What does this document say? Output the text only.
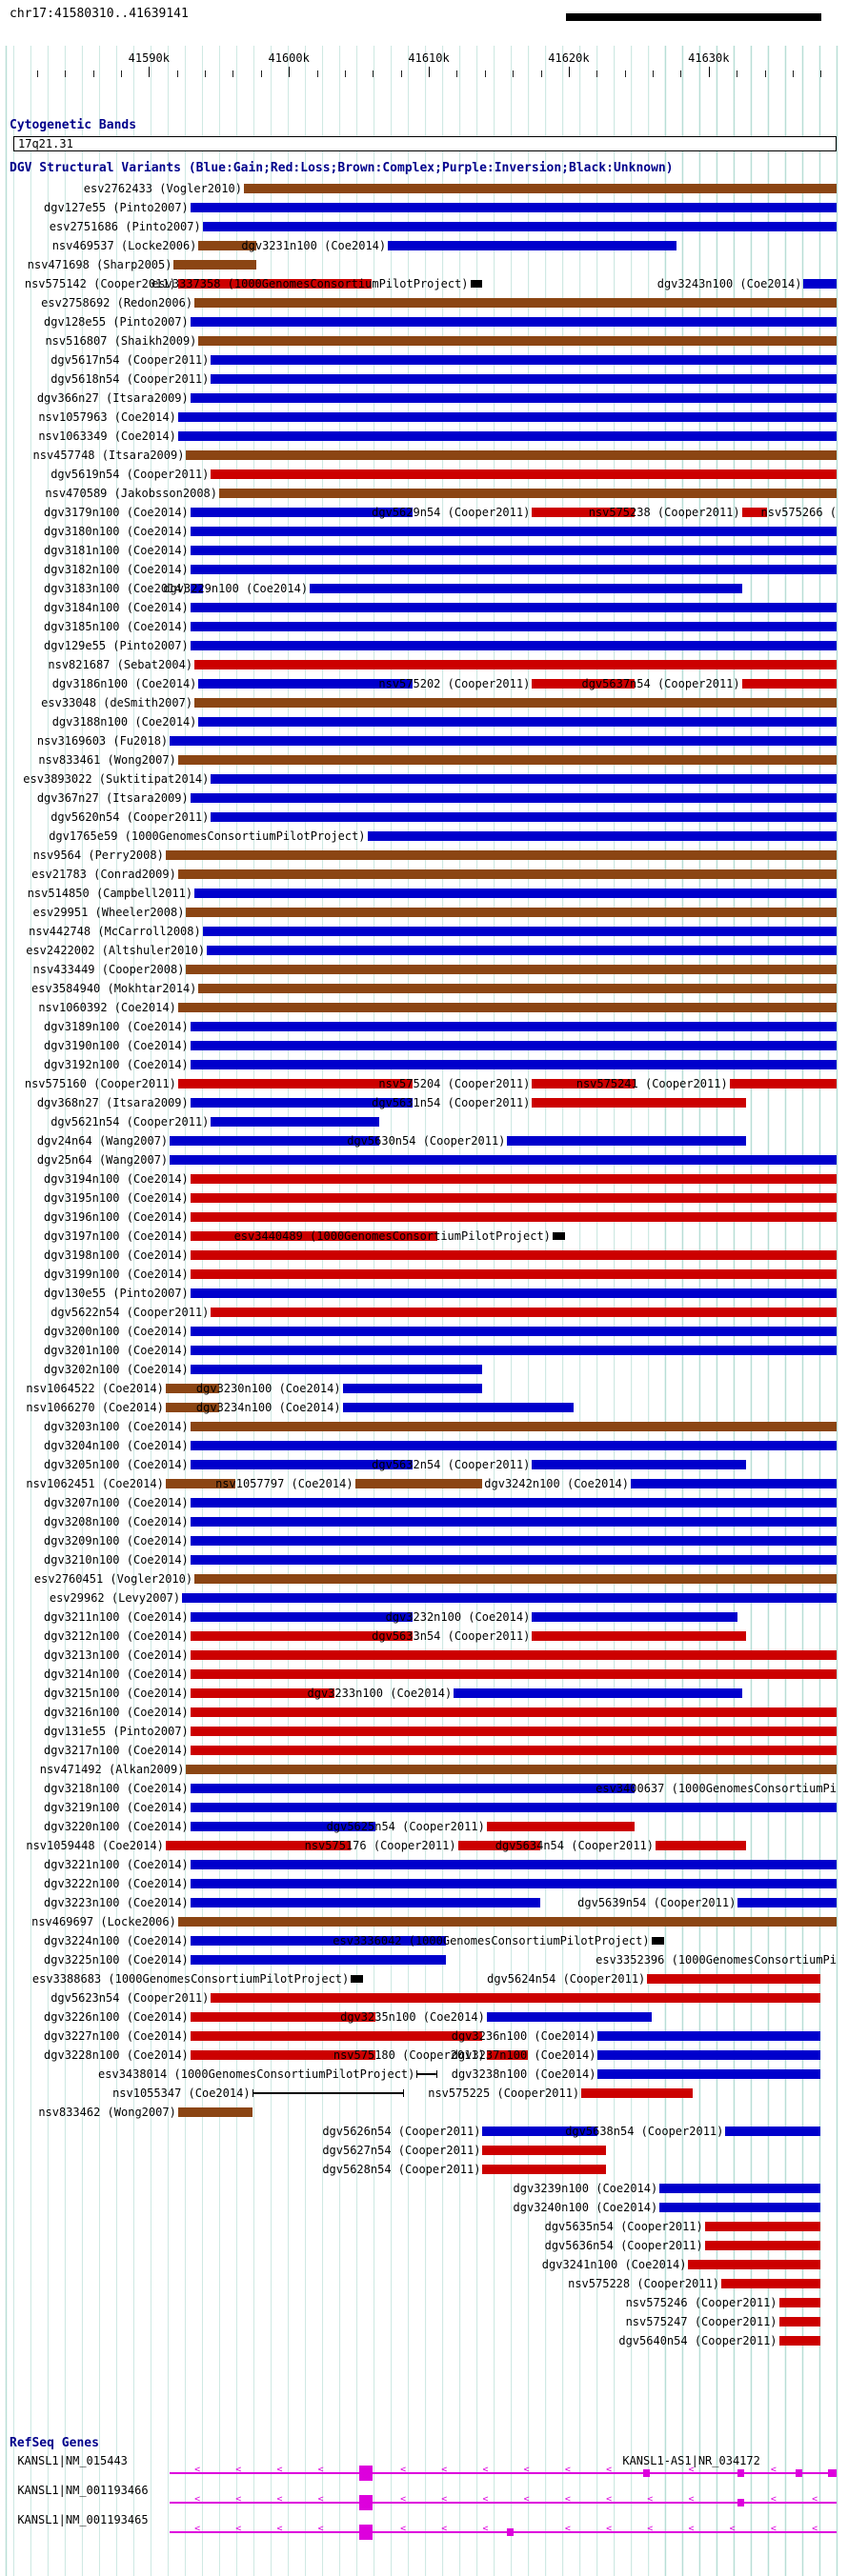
chr17:41580310..41639141
41590k	41600k	41610k	41620k	41630k
Cytogenetic Bands
17q21.31
DGV Structural Variants (Blue:Gain;Red:Loss;Brown:Complex;Purple:Inversion;Black:Unknown)
esv2762433 (Vogler2010)
dgv127e55 (Pinto2007)
esv2751686 (Pinto2007)
nsv469537 (Locke2006)	dgv3231n100 (Coe2014)
nsv471698 (Sharp2005)
nsv575142 (Cooper2011)
esv3337358 (1000GenomesConsortiumPilotProject)	dgv3243n100 (Coe2014)
esv2758692 (Redon2006)
dgv128e55 (Pinto2007)
nsv516807 (Shaikh2009)
dgv5617n54 (Cooper2011)
dgv5618n54 (Cooper2011)
dgv366n27 (Itsara2009)
nsv1057963 (Coe2014)
nsv1063349 (Coe2014)
nsv457748 (Itsara2009)
dgv5619n54 (Cooper2011)
nsv470589 (Jakobsson2008)
dgv3179n100 (Coe2014)	dgv5629n54 (Cooper2011)	nsv575238 (Cooper2011) nsv575266 (
dgv3180n100 (Coe2014)
dgv3181n100 (Coe2014)
dgv3182n100 (Coe2014)
dgv3183n100 (Coe2014)
dgv3229n100 (Coe2014)
dgv3184n100 (Coe2014)
dgv3185n100 (Coe2014)
dgv129e55 (Pinto2007)
nsv821687 (Sebat2004)
dgv3186n100 (Coe2014)	nsv575202 (Cooper2011)	dgv5637n54 (Cooper2011)
esv33048 (deSmith2007)
dgv3188n100 (Coe2014)
nsv3169603 (Fu2018)
nsv833461 (Wong2007)
esv3893022 (Suktitipat2014)
dgv367n27 (Itsara2009)
dgv5620n54 (Cooper2011)
dgv1765e59 (1000GenomesConsortiumPilotProject)
nsv9564 (Perry2008)
esv21783 (Conrad2009)
nsv514850 (Campbell2011)
esv29951 (Wheeler2008)
nsv442748 (McCarroll2008)
esv2422002 (Altshuler2010)
nsv433449 (Cooper2008)
esv3584940 (Mokhtar2014)
nsv1060392 (Coe2014)
dgv3189n100 (Coe2014)
dgv3190n100 (Coe2014)
dgv3192n100 (Coe2014)
nsv575160 (Cooper2011)	nsv575204 (Cooper2011)	nsv575241 (Cooper2011)
dgv368n27 (Itsara2009)	dgv5631n54 (Cooper2011)
dgv5621n54 (Cooper2011)
dgv24n64 (Wang2007)	dgv5630n54 (Cooper2011)
dgv25n64 (Wang2007)
dgv3194n100 (Coe2014)
dgv3195n100 (Coe2014)
dgv3196n100 (Coe2014)
dgv3197n100 (Coe2014)	esv3440489 (1000GenomesConsortiumPilotProject)
dgv3198n100 (Coe2014)
dgv3199n100 (Coe2014)
dgv130e55 (Pinto2007)
dgv5622n54 (Cooper2011)
dgv3200n100 (Coe2014)
dgv3201n100 (Coe2014)
dgv3202n100 (Coe2014)
nsv1064522 (Coe2014)	dgv3230n100 (Coe2014)
nsv1066270 (Coe2014)	dgv3234n100 (Coe2014)
dgv3203n100 (Coe2014)
dgv3204n100 (Coe2014)
dgv3205n100 (Coe2014)	dgv5632n54 (Cooper2011)
nsv1062451 (Coe2014)	nsv1057797 (Coe2014)	dgv3242n100 (Coe2014)
dgv3207n100 (Coe2014)
dgv3208n100 (Coe2014)
dgv3209n100 (Coe2014)
dgv3210n100 (Coe2014)
esv2760451 (Vogler2010)
esv29962 (Levy2007)
dgv3211n100 (Coe2014)	dgv3232n100 (Coe2014)
dgv3212n100 (Coe2014)	dgv5633n54 (Cooper2011)
dgv3213n100 (Coe2014)
dgv3214n100 (Coe2014)
dgv3215n100 (Coe2014)	dgv3233n100 (Coe2014)
dgv3216n100 (Coe2014)
dgv131e55 (Pinto2007)
dgv3217n100 (Coe2014)
nsv471492 (Alkan2009)
dgv3218n100 (Coe2014)	esv3400637 (1000GenomesConsortiumPi
dgv3219n100 (Coe2014)
dgv3220n100 (Coe2014)	dgv5625n54 (Cooper2011)
nsv1059448 (Coe2014)	nsv575176 (Cooper2011)	dgv5634n54 (Cooper2011)
dgv3221n100 (Coe2014)
dgv3222n100 (Coe2014)
dgv3223n100 (Coe2014)	dgv5639n54 (Cooper2011)
nsv469697 (Locke2006)
dgv3224n100 (Coe2014)	esv3336042 (1000GenomesConsortiumPilotProject)
dgv3225n100 (Coe2014)	esv3352396 (1000GenomesConsortiumPi
esv3388683 (1000GenomesConsortiumPilotProject)	dgv5624n54 (Cooper2011)
dgv5623n54 (Cooper2011)
dgv3226n100 (Coe2014)	dgv3235n100 (Coe2014)
dgv3227n100 (Coe2014)	dgv3236n100 (Coe2014)
dgv3228n100 (Coe2014)	nsv575180 (Cooper2011)
dgv3237n100 (Coe2014)
esv3438014 (1000GenomesConsortiumPilotProject)	dgv3238n100 (Coe2014)
nsv1055347 (Coe2014)	nsv575225 (Cooper2011)
nsv833462 (Wong2007)
dgv5626n54 (Cooper2011)	dgv5638n54 (Cooper2011)
dgv5627n54 (Cooper2011)
dgv5628n54 (Cooper2011)
dgv3239n100 (Coe2014)
dgv3240n100 (Coe2014)
dgv5635n54 (Cooper2011)
dgv5636n54 (Cooper2011)
dgv3241n100 (Coe2014)
nsv575228 (Cooper2011)
nsv575246 (Cooper2011)
nsv575247 (Cooper2011)
dgv5640n54 (Cooper2011)
RefSeq Genes
KANSL1|NM_015443	KANSL1-AS1|NR_034172
<	<	<	<	<	<	<	<	<	<	<	<
KANSL1|NM_001193466
<	<	<	<	<	<	<	<	<	<	<	<	<	<
KANSL1|NM_001193465
<	<	<	<	<	<	<	<	<	<	<	<	<	<
